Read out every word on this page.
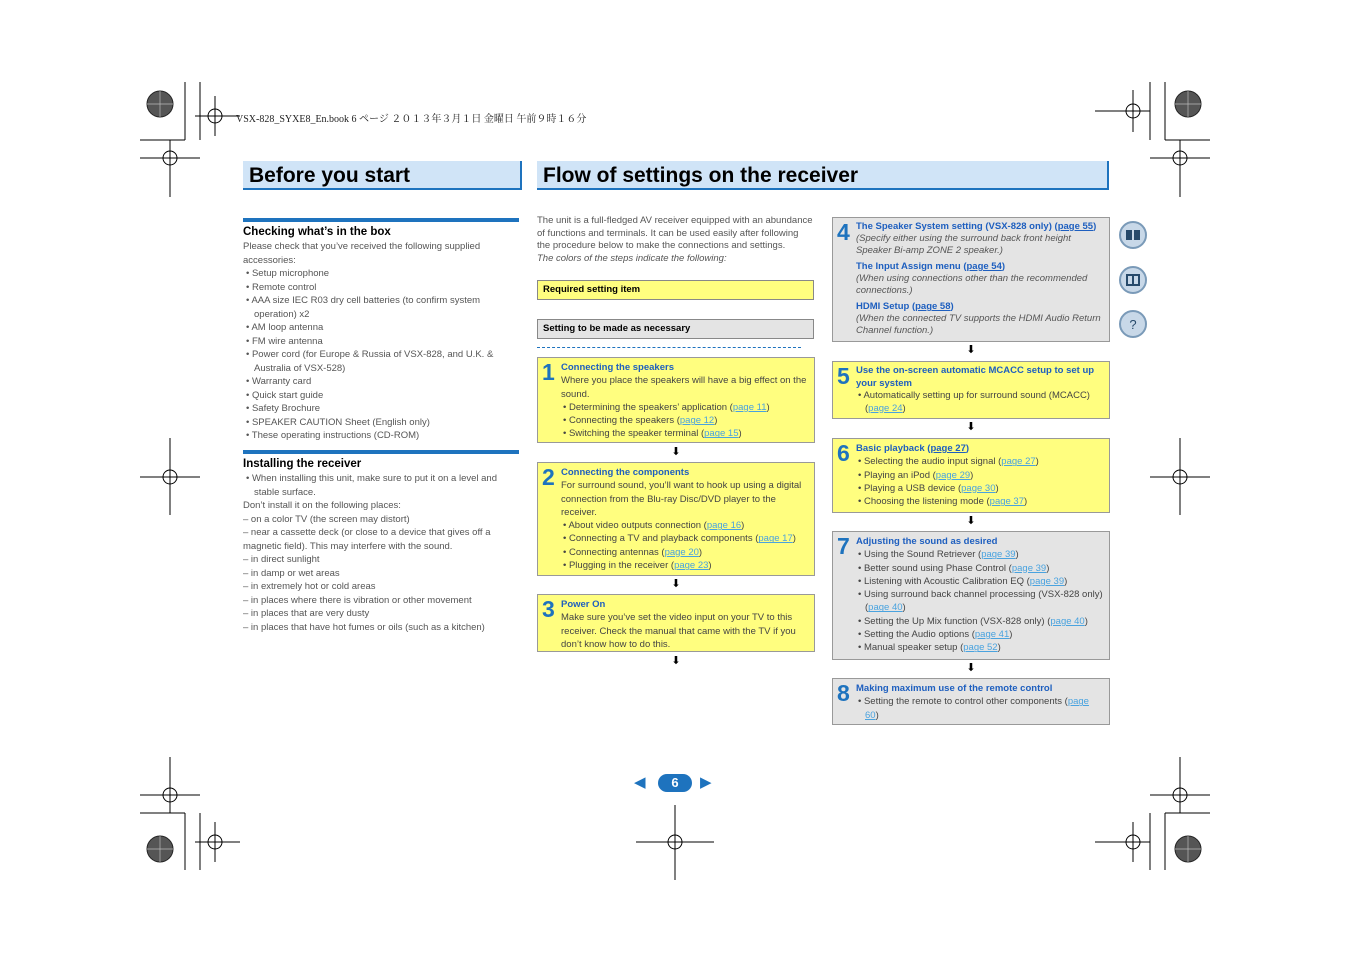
VSX-828_SYXE8_En.book 6 ページ ２０１３年３月１日 金曜日 午前９時１６分
Before you start	Flow of settings on the receiver
Checking what’s in the box

Please check that you’ve received the following supplied accessories:

• Setup microphone
• Remote control
• AAA size IEC R03 dry cell batteries (to confirm system operation) x2
• AM loop antenna
• FM wire antenna
• Power cord (for Europe & Russia of VSX-828, and U.K. & Australia of VSX-528)
• Warranty card
• Quick start guide
• Safety Brochure
• SPEAKER CAUTION Sheet (English only)
• These operating instructions (CD-ROM)
Installing the receiver
• When installing this unit, make sure to put it on a level and stable surface.

Don’t install it on the following places:

– on a color TV (the screen may distort)

– near a cassette deck (or close to a device that gives off a magnetic field). This may interfere with the sound.

– in direct sunlight

– in damp or wet areas

– in extremely hot or cold areas

– in places where there is vibration or other movement

– in places that are very dusty

– in places that have hot fumes or oils (such as a kitchen)

The unit is a full-fledged AV receiver equipped with an abundance of functions and terminals. It can be used easily after following the procedure below to make the connections and settings.

The colors of the steps indicate the following:

Required setting item
Setting to be made as necessary
1 Connecting the speakers

Where you place the speakers will have a big effect on the sound.

• Determining the speakers’ application (page 11)
• Connecting the speakers (page 12)
• Switching the speaker terminal (page 15)
⬇
2 Connecting the components

For surround sound, you’ll want to hook up using a digital connection from the Blu-ray Disc/DVD player to the receiver.

• About video outputs connection (page 16)
• Connecting a TV and playback components (page 17)
• Connecting antennas (page 20)
• Plugging in the receiver (page 23)
⬇
3 Power On

Make sure you’ve set the video input on your TV to this receiver. Check the manual that came with the TV if you don’t know how to do this.

⬇
4 The Speaker System setting (VSX-828 only) (page 55)

(Specify either using the surround back front height Speaker Bi-amp ZONE 2 speaker.)

The Input Assign menu (page 54)

(When using connections other than the recommended connections.)

HDMI Setup (page 58)

(When the connected TV supports the HDMI Audio Return Channel function.)

⬇
5 Use the on-screen automatic MCACC setup to set up your system

• Automatically setting up for surround sound (MCACC) (page 24)
⬇
6 Basic playback (page 27)

• Selecting the audio input signal (page 27)
• Playing an iPod (page 29)
• Playing a USB device (page 30)
• Choosing the listening mode (page 37)
⬇
7 Adjusting the sound as desired

• Using the Sound Retriever (page 39)
• Better sound using Phase Control (page 39)
• Listening with Acoustic Calibration EQ (page 39)
• Using surround back channel processing (VSX-828 only) (page 40)
• Setting the Up Mix function (VSX-828 only) (page 40)
• Setting the Audio options (page 41)
• Manual speaker setup (page 52)
⬇
8 Making maximum use of the remote control

• Setting the remote to control other components (page 60)
?
◀	6	▶
